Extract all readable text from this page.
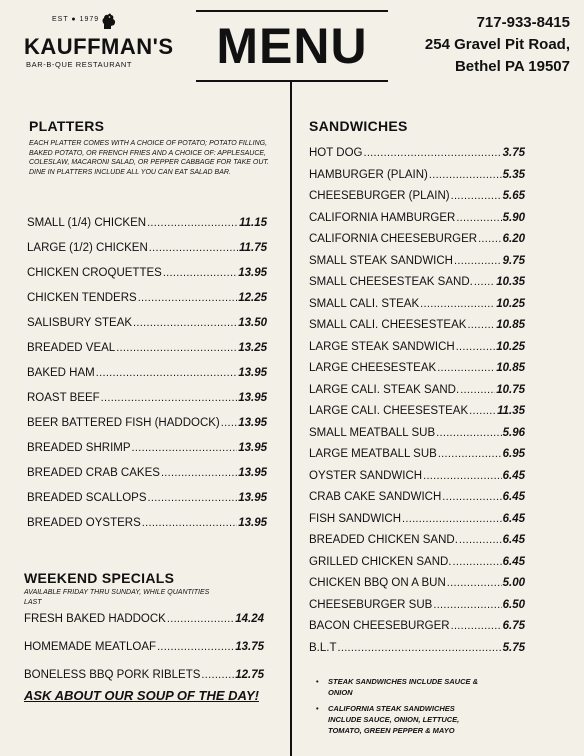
EST ● 1979
KAUFFMAN'S
BAR-B-QUE RESTAURANT	MENU	717-933-8415
254 Gravel Pit Road,
Bethel PA 19507
PLATTERS
EACH PLATTER COMES WITH A CHOICE OF POTATO; POTATO FILLING, BAKED POTATO, OR FRENCH FRIES AND A CHOICE OF: APPLESAUCE, COLESLAW, MACARONI SALAD, OR PEPPER CABBAGE FOR TAKE OUT. DINE IN PLATTERS INCLUDE ALL YOU CAN EAT SALAD BAR.
SMALL (1/4) CHICKEN .....	11.15
LARGE (1/2) CHICKEN .....	11.75
CHICKEN CROQUETTES .....	13.95
CHICKEN TENDERS .....	12.25
SALISBURY STEAK .....	13.50
BREADED VEAL .....	13.25
BAKED HAM .....	13.95
ROAST BEEF .....	13.95
BEER BATTERED FISH (HADDOCK) ..... 13.95
BREADED SHRIMP .....	13.95
BREADED CRAB CAKES .....	13.95
BREADED SCALLOPS .....	13.95
BREADED OYSTERS .....	13.95
WEEKEND SPECIALS
AVAILABLE FRIDAY THRU SUNDAY, WHILE QUANTITIES LAST
FRESH BAKED HADDOCK .....	14.24
HOMEMADE MEATLOAF .....	13.75
BONELESS BBQ PORK RIBLETS .....	12.75
ASK ABOUT OUR SOUP OF THE DAY!
SANDWICHES
HOT DOG .....	3.75
HAMBURGER (PLAIN) .....	5.35
CHEESEBURGER (PLAIN) .....	5.65
CALIFORNIA HAMBURGER .....	5.90
CALIFORNIA CHEESEBURGER ..... 6.20
SMALL STEAK SANDWICH .....	9.75
SMALL CHEESESTEAK SAND. ..... 10.35
SMALL CALI. STEAK .....	10.25
SMALL CALI. CHEESESTEAK .....	10.85
LARGE STEAK SANDWICH .....	10.25
LARGE CHEESESTEAK .....	10.85
LARGE CALI. STEAK SAND. .....	10.75
LARGE CALI. CHEESESTEAK .....	11.35
SMALL MEATBALL SUB .....	5.96
LARGE MEATBALL SUB .....	6.95
OYSTER SANDWICH .....	6.45
CRAB CAKE SANDWICH .....	6.45
FISH SANDWICH .....	6.45
BREADED CHICKEN SAND. .....	6.45
GRILLED CHICKEN SAND. .....	6.45
CHICKEN BBQ ON A BUN .....	5.00
CHEESEBURGER SUB .....	6.50
BACON CHEESEBURGER .....	6.75
B.L.T .....	5.75
• STEAK SANDWICHES INCLUDE SAUCE & ONION
• CALIFORNIA STEAK SANDWICHES INCLUDE SAUCE, ONION, LETTUCE, TOMATO, GREEN PEPPER & MAYO
